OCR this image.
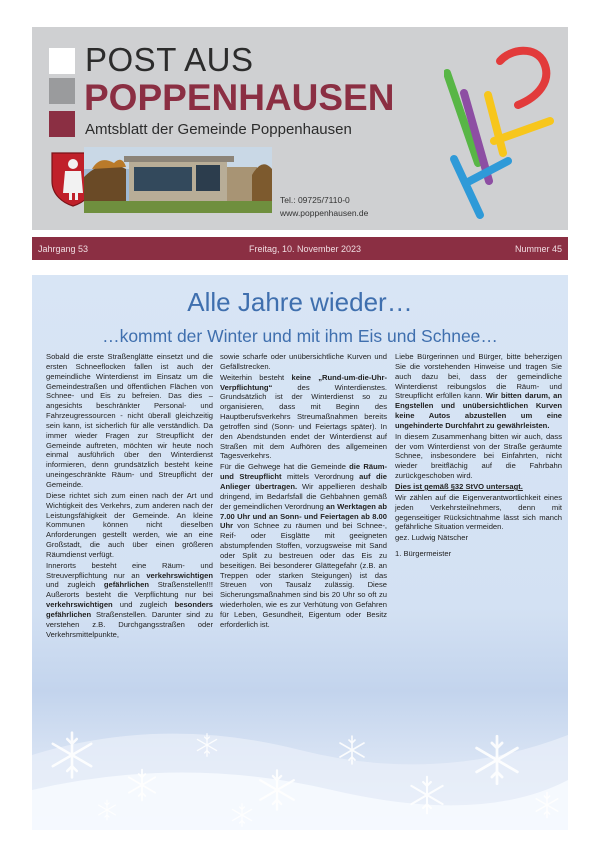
POST AUS
POPPENHAUSEN
Amtsblatt der Gemeinde Poppenhausen
Tel.: 09725/7110-0
www.poppenhausen.de
Jahrgang 53	Freitag, 10. November 2023	Nummer 45
Alle Jahre wieder…
…kommt der Winter und mit ihm Eis und Schnee…

Sobald die erste Straßenglätte einsetzt und die ersten Schneeflocken fallen ist auch der gemeindliche Winterdienst im Einsatz um die Gemeindestraßen und öffentlichen Flächen von Schnee- und Eis zu befreien. Das dies – angesichts beschränkter Personal- und Fahrzeugressourcen - nicht überall gleichzeitig sein kann, ist sicherlich für alle verständlich. Da immer wieder Fragen zur Streupflicht der Gemeinde auftreten, möchten wir heute noch einmal ausführlich über den Winterdienst informieren, denn grundsätzlich besteht keine uneingeschränkte Räum- und Streupflicht der Gemeinde.

Diese richtet sich zum einen nach der Art und Wichtigkeit des Verkehrs, zum anderen nach der Leistungsfähigkeit der Gemeinde. An kleine Kommunen können nicht dieselben Anforderungen gestellt werden, wie an eine Großstadt, die auch über einen größeren Räumdienst verfügt.

Innerorts besteht eine Räum- und Streuverpflichtung nur an verkehrswichtigen und zugleich gefährlichen Straßenstellen!!! Außerorts besteht die Verpflichtung nur bei verkehrswichtigen und zugleich besonders gefährlichen Straßenstellen. Darunter sind zu verstehen z.B. Durchgangsstraßen oder Verkehrsmittelpunkte,

sowie scharfe oder unübersichtliche Kurven und Gefällstrecken.

Weiterhin besteht keine „Rund-um-die-Uhr-Verpflichtung“ des Winterdienstes. Grundsätzlich ist der Winterdienst so zu organisieren, dass mit Beginn des Hauptberufsverkehrs Streumaßnahmen bereits getroffen sind (Sonn- und Feiertags später). In den Abendstunden endet der Winterdienst auf Straßen mit dem Aufhören des allgemeinen Tagesverkehrs.

Für die Gehwege hat die Gemeinde die Räum- und Streupflicht mittels Verordnung auf die Anlieger übertragen. Wir appellieren deshalb dringend, im Bedarfsfall die Gehbahnen gemäß der gemeindlichen Verordnung an Werktagen ab 7.00 Uhr und an Sonn- und Feiertagen ab 8.00 Uhr von Schnee zu räumen und bei Schnee-, Reif- oder Eisglätte mit geeigneten abstumpfenden Stoffen, vorzugsweise mit Sand oder Split zu bestreuen oder das Eis zu beseitigen. Bei besonderer Glättegefahr (z.B. an Treppen oder starken Steigungen) ist das Streuen von Tausalz zulässig. Diese Sicherungsmaßnahmen sind bis 20 Uhr so oft zu wiederholen, wie es zur Verhütung von Gefahren für Leben, Gesundheit, Eigentum oder Besitz erforderlich ist.

Liebe Bürgerinnen und Bürger, bitte beherzigen Sie die vorstehenden Hinweise und tragen Sie auch dazu bei, dass der gemeindliche Winterdienst reibungslos die Räum- und Streupflicht erfüllen kann. Wir bitten darum, an Engstellen und unübersichtlichen Kurven keine Autos abzustellen um eine ungehinderte Durchfahrt zu gewährleisten.

In diesem Zusammenhang bitten wir auch, dass der vom Winterdienst von der Straße geräumte Schnee, insbesondere bei Einfahrten, nicht wieder breitflächig auf die Fahrbahn zurückgeschoben wird.

Dies ist gemäß §32 StVO untersagt.

Wir zählen auf die Eigenverantwortlichkeit eines jeden Verkehrsteilnehmers, denn mit gegenseitiger Rücksichtnahme lässt sich manch gefährliche Situation vermeiden.

gez. Ludwig Nätscher

1. Bürgermeister
